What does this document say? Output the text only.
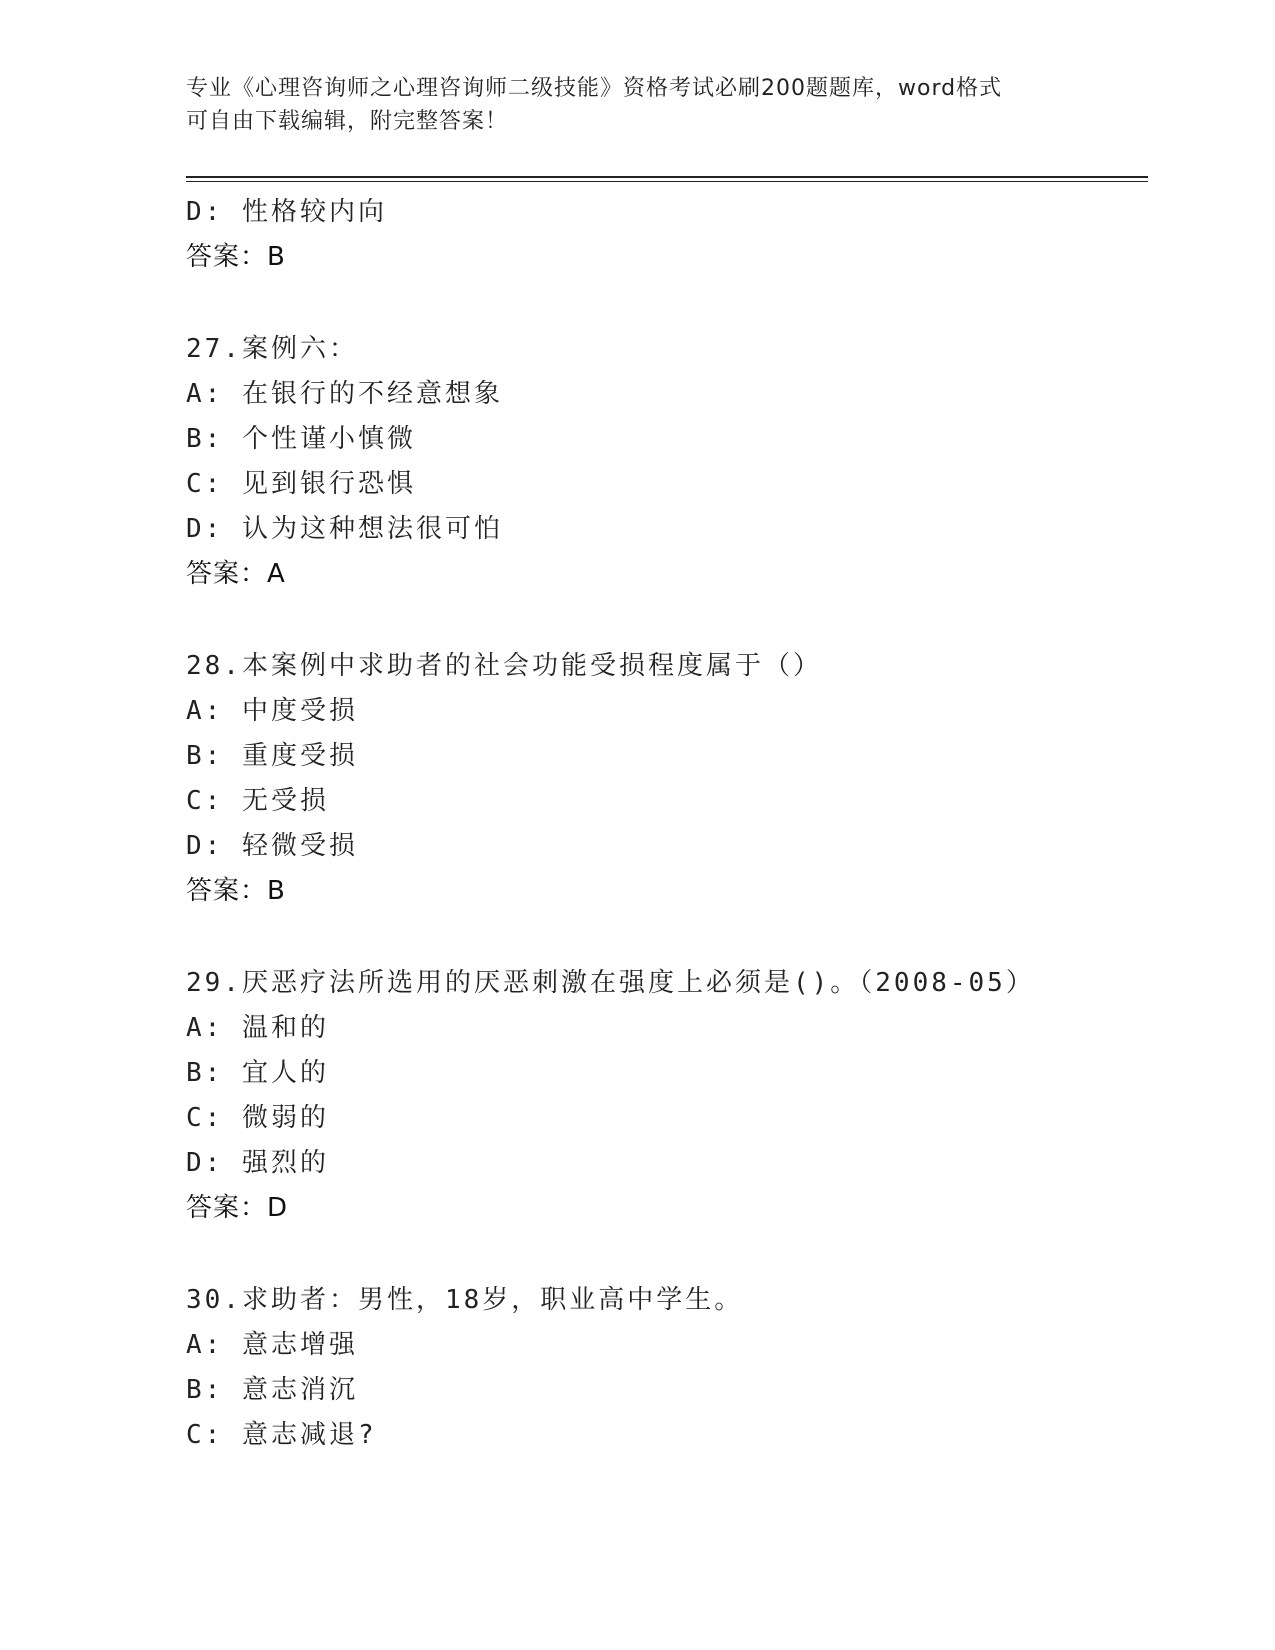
专业《心理咨询师之心理咨询师二级技能》资格考试必刷200题题库，word格式
可自由下载编辑，附完整答案！
D: 性格较内向
答案：B
27.案例六：
A: 在银行的不经意想象
B: 个性谨小慎微
C: 见到银行恐惧
D: 认为这种想法很可怕
答案：A
28.本案例中求助者的社会功能受损程度属于（）
A: 中度受损
B: 重度受损
C: 无受损
D: 轻微受损
答案：B
29.厌恶疗法所选用的厌恶刺激在强度上必须是()。（2008-05）
A: 温和的
B: 宜人的
C: 微弱的
D: 强烈的
答案：D
30.求助者：男性，18岁，职业高中学生。
A: 意志增强
B: 意志消沉
C: 意志减退?
